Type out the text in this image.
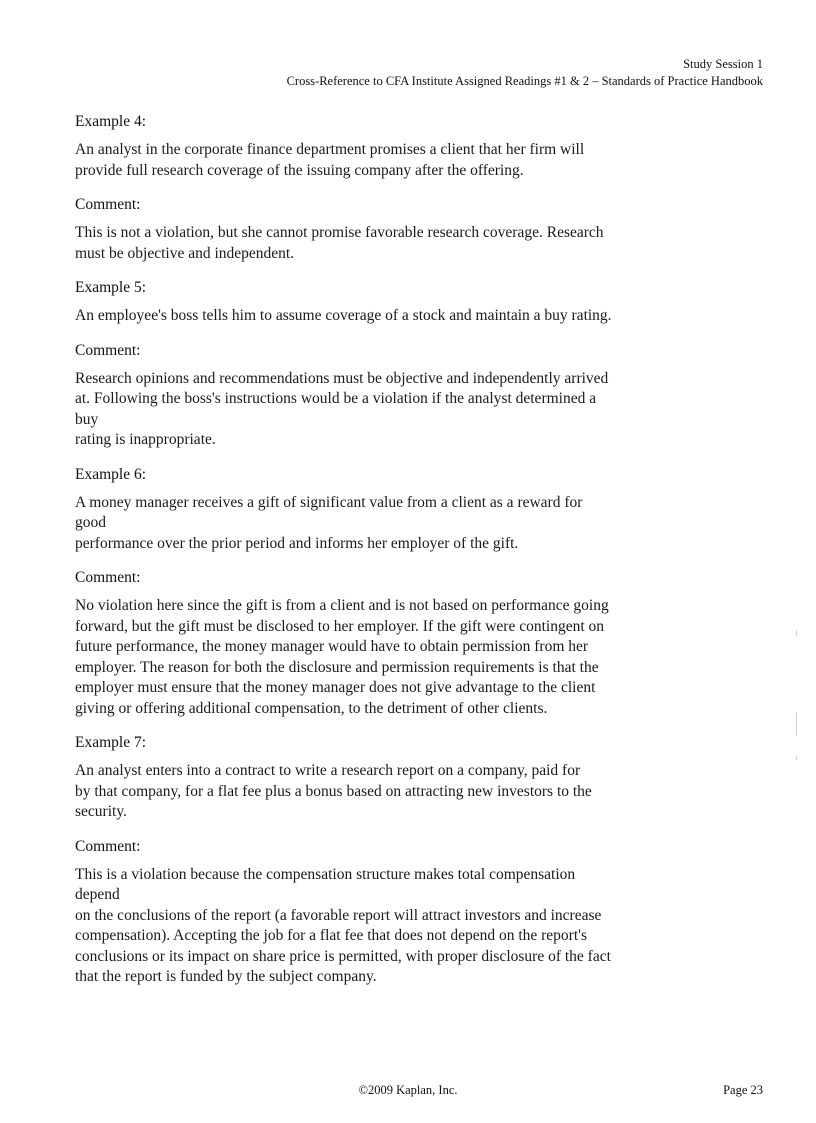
Study Session 1
Cross-Reference to CFA Institute Assigned Readings #1 & 2 – Standards of Practice Handbook

Example 4:

An analyst in the corporate finance department promises a client that her firm will
provide full research coverage of the issuing company after the offering.

Comment:

This is not a violation, but she cannot promise favorable research coverage. Research
must be objective and independent.

Example 5:

An employee's boss tells him to assume coverage of a stock and maintain a buy rating.

Comment:

Research opinions and recommendations must be objective and independently arrived
at. Following the boss's instructions would be a violation if the analyst determined a buy
rating is inappropriate.

Example 6:

A money manager receives a gift of significant value from a client as a reward for good
performance over the prior period and informs her employer of the gift.

Comment:

No violation here since the gift is from a client and is not based on performance going
forward, but the gift must be disclosed to her employer. If the gift were contingent on
future performance, the money manager would have to obtain permission from her
employer. The reason for both the disclosure and permission requirements is that the
employer must ensure that the money manager does not give advantage to the client
giving or offering additional compensation, to the detriment of other clients.

Example 7:

An analyst enters into a contract to write a research report on a company, paid for
by that company, for a flat fee plus a bonus based on attracting new investors to the
security.

Comment:

This is a violation because the compensation structure makes total compensation depend
on the conclusions of the report (a favorable report will attract investors and increase
compensation). Accepting the job for a flat fee that does not depend on the report's
conclusions or its impact on share price is permitted, with proper disclosure of the fact
that the report is funded by the subject company.

©2009 Kaplan, Inc.	Page 23
